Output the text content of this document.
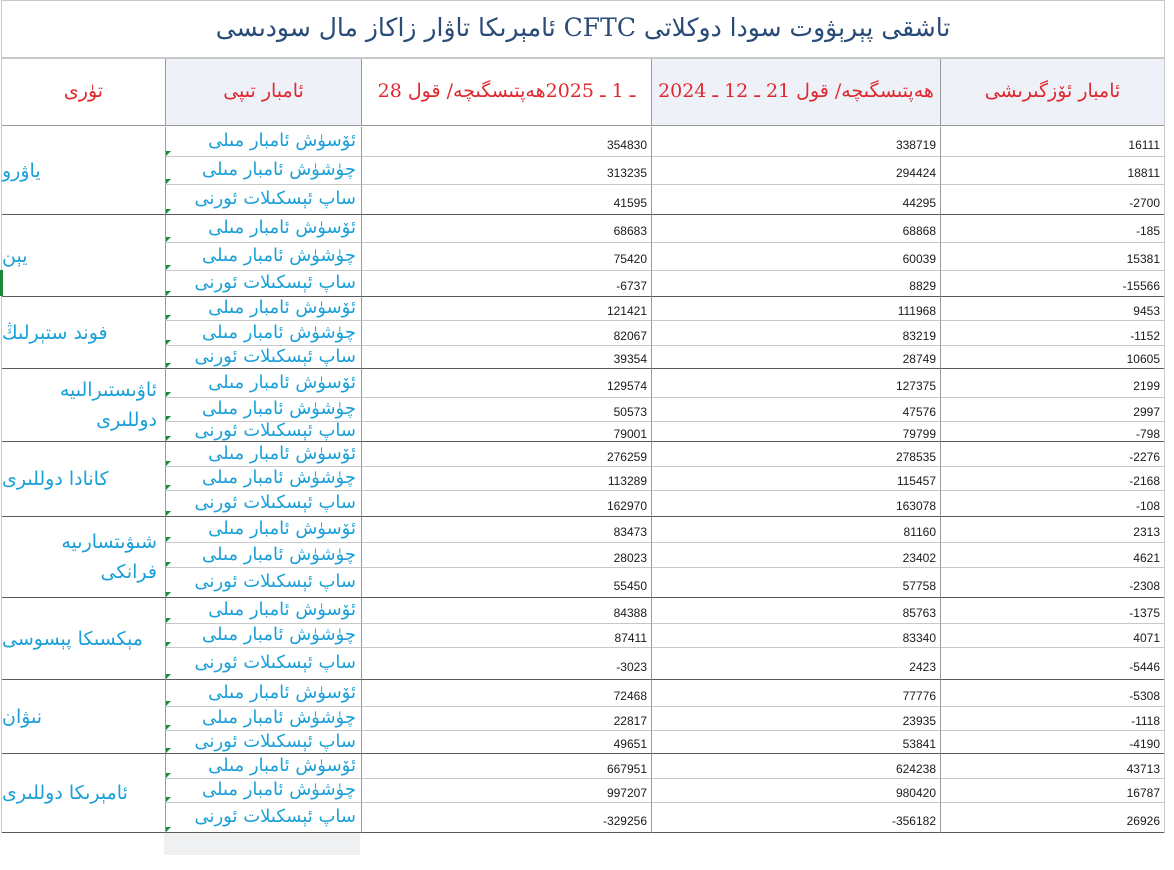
ئامېرىكا تاۋار زاكاز مال سودىسى CFTC تاشقى پېرېۋوت سودا دوكلاتى
تۈرى	ئامبار تىپى	28 ـ 1 ـ 2025ھەپتىسگىچە/ قول	ھەپتىسگىچە/ قول 21 ـ 12 ـ 2024	ئامبار ئۆزگىرىشى
ياۋرو
ئۆسۈش ئامبار مىلى	354830	338719	16111
چۈشۈش ئامبار مىلى	313235	294424	18811
ساپ ئېسكىلات ئورنى	41595	44295	-2700
يېن
ئۆسۈش ئامبار مىلى	68683	68868	-185
چۈشۈش ئامبار مىلى	75420	60039	15381
ساپ ئېسكىلات ئورنى	-6737	8829	-15566
فوند ستېرلىڭ
ئۆسۈش ئامبار مىلى	121421	111968	9453
چۈشۈش ئامبار مىلى	82067	83219	-1152
ساپ ئېسكىلات ئورنى	39354	28749	10605
ئاۋىستىرالىيە دوللىرى
ئۆسۈش ئامبار مىلى	129574	127375	2199
چۈشۈش ئامبار مىلى	50573	47576	2997
ساپ ئېسكىلات ئورنى	79001	79799	-798
كانادا دوللىرى
ئۆسۈش ئامبار مىلى	276259	278535	-2276
چۈشۈش ئامبار مىلى	113289	115457	-2168
ساپ ئېسكىلات ئورنى	162970	163078	-108
شىۋىتسارىيە فرانكى
ئۆسۈش ئامبار مىلى	83473	81160	2313
چۈشۈش ئامبار مىلى	28023	23402	4621
ساپ ئېسكىلات ئورنى	55450	57758	-2308
مېكسىكا پېسوسى
ئۆسۈش ئامبار مىلى	84388	85763	-1375
چۈشۈش ئامبار مىلى	87411	83340	4071
ساپ ئېسكىلات ئورنى	-3023	2423	-5446
نىۋان
ئۆسۈش ئامبار مىلى	72468	77776	-5308
چۈشۈش ئامبار مىلى	22817	23935	-1118
ساپ ئېسكىلات ئورنى	49651	53841	-4190
ئامېرىكا دوللىرى
ئۆسۈش ئامبار مىلى	667951	624238	43713
چۈشۈش ئامبار مىلى	997207	980420	16787
ساپ ئېسكىلات ئورنى	-329256	-356182	26926
